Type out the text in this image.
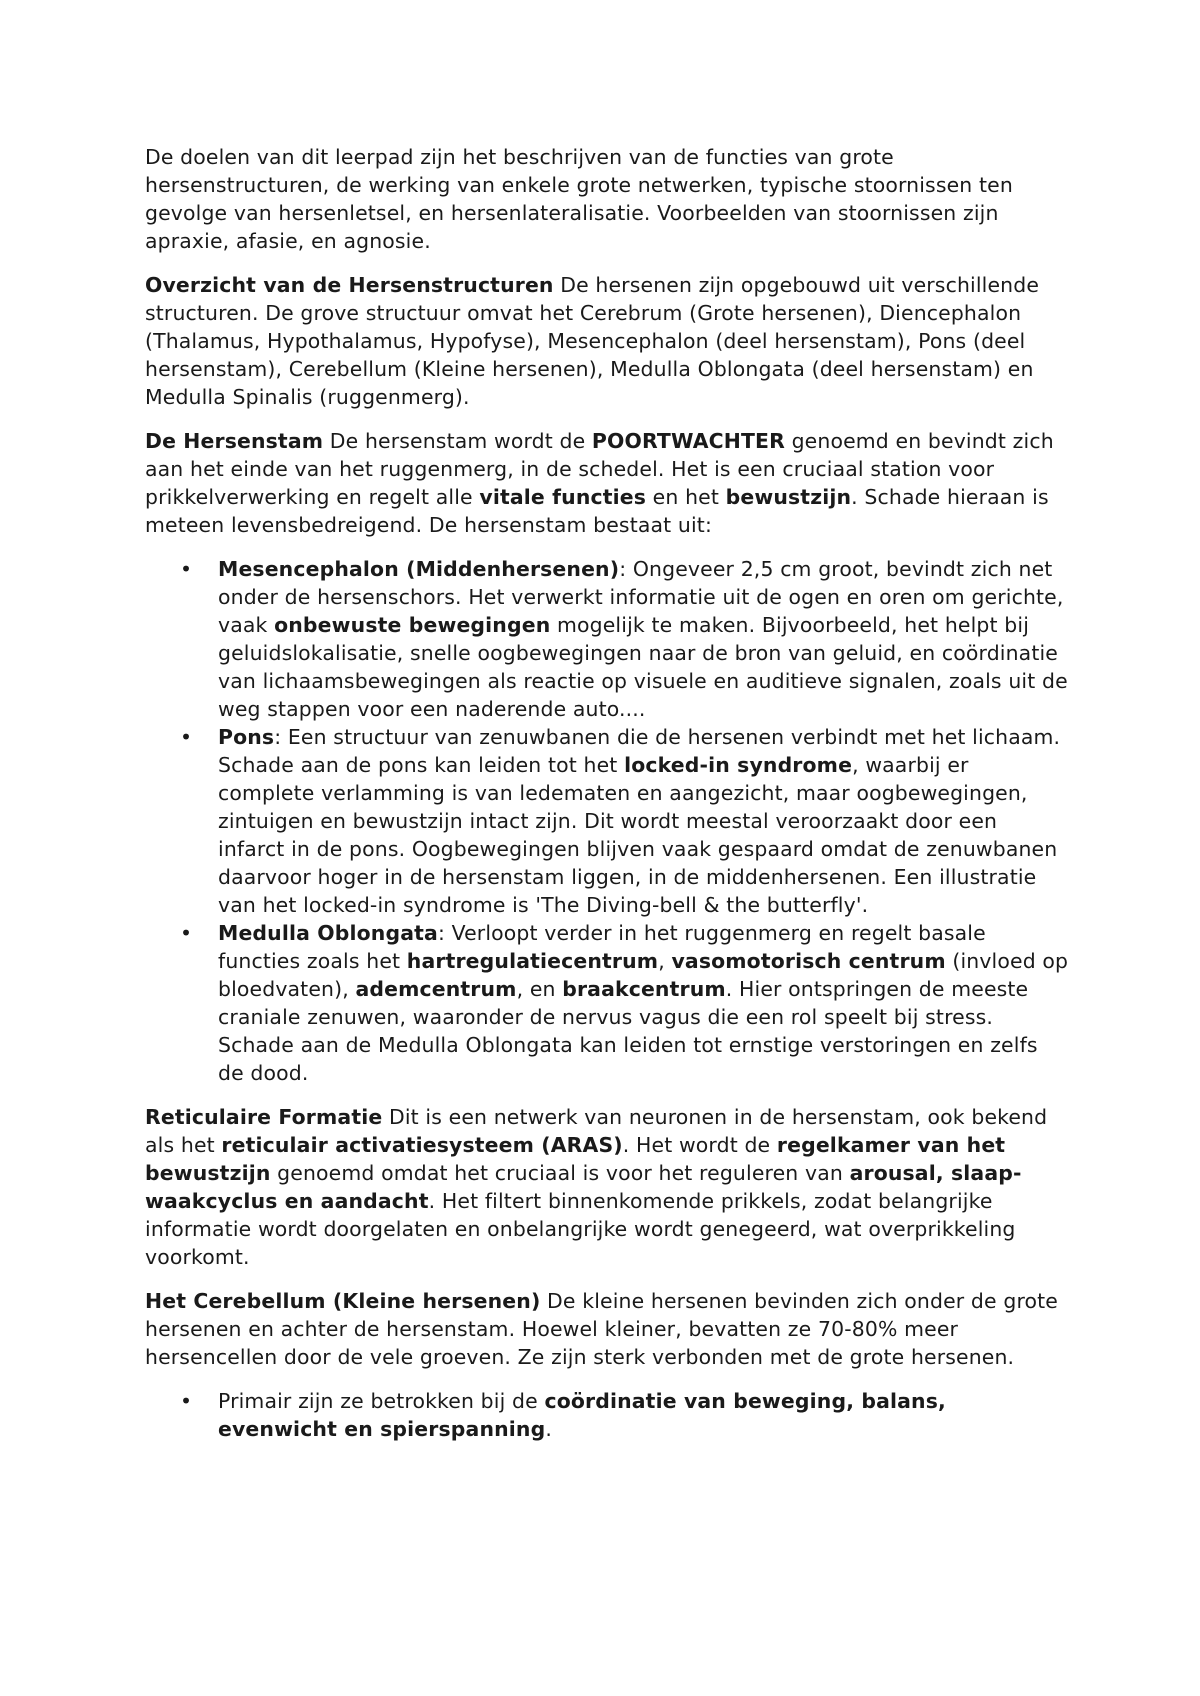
De doelen van dit leerpad zijn het beschrijven van de functies van grote hersenstructuren, de werking van enkele grote netwerken, typische stoornissen ten gevolge van hersenletsel, en hersenlateralisatie. Voorbeelden van stoornissen zijn apraxie, afasie, en agnosie.

Overzicht van de Hersenstructuren De hersenen zijn opgebouwd uit verschillende structuren. De grove structuur omvat het Cerebrum (Grote hersenen), Diencephalon (Thalamus, Hypothalamus, Hypofyse), Mesencephalon (deel hersenstam), Pons (deel hersenstam), Cerebellum (Kleine hersenen), Medulla Oblongata (deel hersenstam) en Medulla Spinalis (ruggenmerg).

De Hersenstam De hersenstam wordt de POORTWACHTER genoemd en bevindt zich aan het einde van het ruggenmerg, in de schedel. Het is een cruciaal station voor prikkelverwerking en regelt alle vitale functies en het bewustzijn. Schade hieraan is meteen levensbedreigend. De hersenstam bestaat uit:

• Mesencephalon (Middenhersenen): Ongeveer 2,5 cm groot, bevindt zich net onder de hersenschors. Het verwerkt informatie uit de ogen en oren om gerichte, vaak onbewuste bewegingen mogelijk te maken. Bijvoorbeeld, het helpt bij geluidslokalisatie, snelle oogbewegingen naar de bron van geluid, en coördinatie van lichaamsbewegingen als reactie op visuele en auditieve signalen, zoals uit de weg stappen voor een naderende auto....
• Pons: Een structuur van zenuwbanen die de hersenen verbindt met het lichaam. Schade aan de pons kan leiden tot het locked-in syndrome, waarbij er complete verlamming is van ledematen en aangezicht, maar oogbewegingen, zintuigen en bewustzijn intact zijn. Dit wordt meestal veroorzaakt door een infarct in de pons. Oogbewegingen blijven vaak gespaard omdat de zenuwbanen daarvoor hoger in de hersenstam liggen, in de middenhersenen. Een illustratie van het locked-in syndrome is 'The Diving-bell & the butterfly'.
• Medulla Oblongata: Verloopt verder in het ruggenmerg en regelt basale functies zoals het hartregulatiecentrum, vasomotorisch centrum (invloed op bloedvaten), ademcentrum, en braakcentrum. Hier ontspringen de meeste craniale zenuwen, waaronder de nervus vagus die een rol speelt bij stress. Schade aan de Medulla Oblongata kan leiden tot ernstige verstoringen en zelfs de dood.

Reticulaire Formatie Dit is een netwerk van neuronen in de hersenstam, ook bekend als het reticulair activatiesysteem (ARAS). Het wordt de regelkamer van het bewustzijn genoemd omdat het cruciaal is voor het reguleren van arousal, slaap-waakcyclus en aandacht. Het filtert binnenkomende prikkels, zodat belangrijke informatie wordt doorgelaten en onbelangrijke wordt genegeerd, wat overprikkeling voorkomt.

Het Cerebellum (Kleine hersenen) De kleine hersenen bevinden zich onder de grote hersenen en achter de hersenstam. Hoewel kleiner, bevatten ze 70-80% meer hersencellen door de vele groeven. Ze zijn sterk verbonden met de grote hersenen.

• Primair zijn ze betrokken bij de coördinatie van beweging, balans, evenwicht en spierspanning.
